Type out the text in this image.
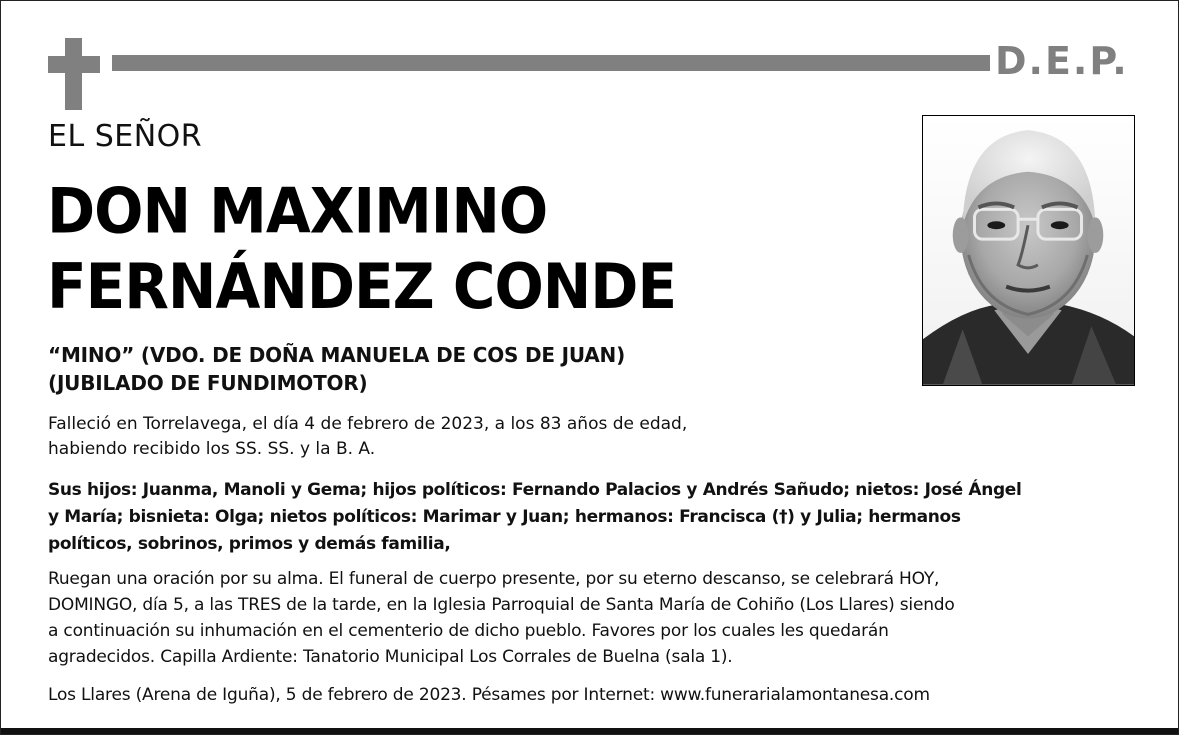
D.E.P.
EL SEÑOR
DON MAXIMINO
FERNÁNDEZ CONDE
“MINO” (VDO. DE DOÑA MANUELA DE COS DE JUAN)
(JUBILADO DE FUNDIMOTOR)
Falleció en Torrelavega, el día 4 de febrero de 2023, a los 83 años de edad,
habiendo recibido los SS. SS. y la B. A.
Sus hijos: Juanma, Manoli y Gema; hijos políticos: Fernando Palacios y Andrés Sañudo; nietos: José Ángel
y María; bisnieta: Olga; nietos políticos: Marimar y Juan; hermanos: Francisca (†) y Julia; hermanos
políticos, sobrinos, primos y demás familia,
Ruegan una oración por su alma. El funeral de cuerpo presente, por su eterno descanso, se celebrará HOY,
DOMINGO, día 5, a las TRES de la tarde, en la Iglesia Parroquial de Santa María de Cohiño (Los Llares) siendo
a continuación su inhumación en el cementerio de dicho pueblo. Favores por los cuales les quedarán
agradecidos. Capilla Ardiente: Tanatorio Municipal Los Corrales de Buelna (sala 1).
Los Llares (Arena de Iguña), 5 de febrero de 2023. Pésames por Internet: www.funerarialamontanesa.com
